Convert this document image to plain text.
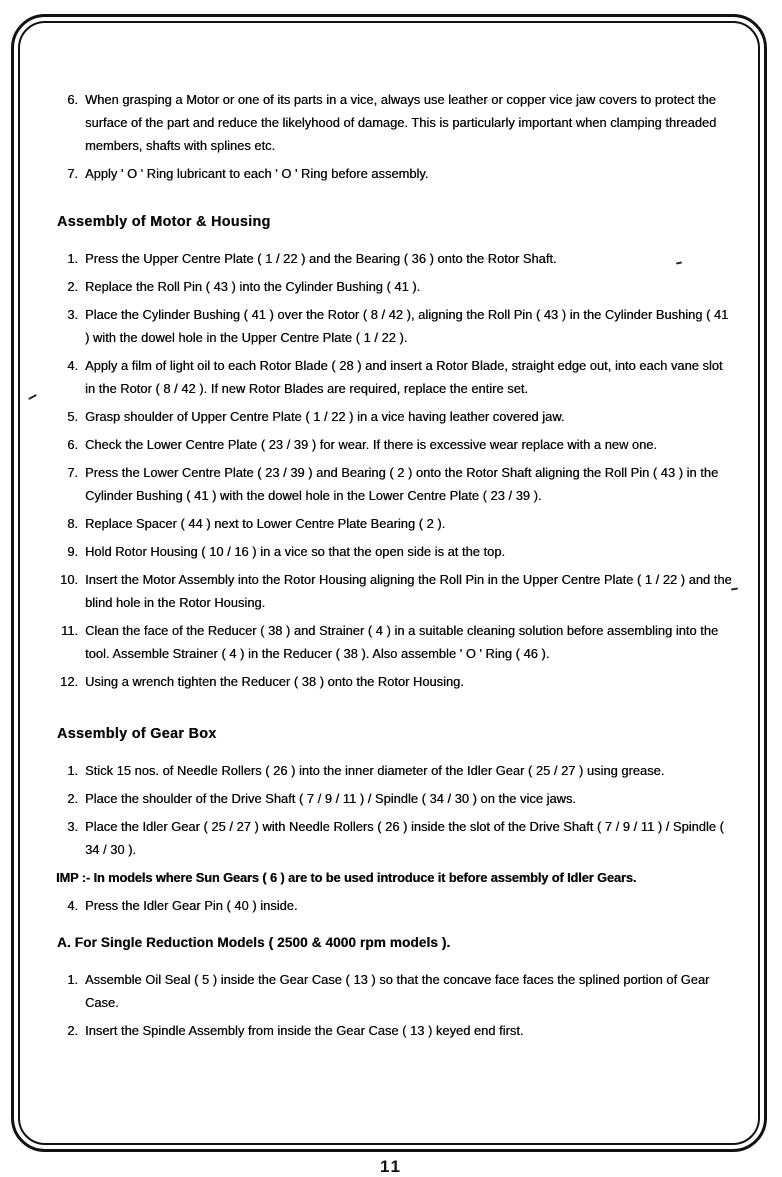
6. When grasping a Motor or one of its parts in a vice, always use leather or copper vice jaw covers to protect the surface of the part and reduce the likelyhood of damage. This is particularly important when clamping threaded members, shafts with splines etc.
7. Apply ' O ' Ring lubricant to each ' O ' Ring before assembly.
Assembly of Motor & Housing
1. Press the Upper Centre Plate ( 1 / 22 ) and the Bearing ( 36 ) onto the Rotor Shaft.
2. Replace the Roll Pin ( 43 ) into the Cylinder Bushing ( 41 ).
3. Place the Cylinder Bushing ( 41 ) over the Rotor ( 8 / 42 ), aligning the Roll Pin ( 43 ) in the Cylinder Bushing ( 41 ) with the dowel hole in the Upper Centre Plate ( 1 / 22 ).
4. Apply a film of light oil to each Rotor Blade ( 28 ) and insert a Rotor Blade, straight edge out, into each vane slot in the Rotor ( 8 / 42 ). If new Rotor Blades are required, replace the entire set.
5. Grasp shoulder of Upper Centre Plate ( 1 / 22 ) in a vice having leather covered jaw.
6. Check the Lower Centre Plate ( 23 / 39 ) for wear. If there is excessive wear replace with a new one.
7. Press the Lower Centre Plate ( 23 / 39 ) and Bearing ( 2 ) onto the Rotor Shaft aligning the Roll Pin ( 43 ) in the Cylinder Bushing ( 41 ) with the dowel hole in the Lower Centre Plate ( 23 / 39 ).
8. Replace Spacer ( 44 ) next to Lower Centre Plate Bearing ( 2 ).
9. Hold Rotor Housing ( 10 / 16 ) in a vice so that the open side is at the top.
10. Insert the Motor Assembly into the Rotor Housing aligning the Roll Pin in the Upper Centre Plate ( 1 / 22 ) and the blind hole in the Rotor Housing.
11. Clean the face of the Reducer ( 38 ) and Strainer ( 4 ) in a suitable cleaning solution before assembling into the tool. Assemble Strainer ( 4 ) in the Reducer ( 38 ). Also assemble ' O ' Ring ( 46 ).
12. Using a wrench tighten the Reducer ( 38 ) onto the Rotor Housing.
Assembly of Gear Box
1. Stick 15 nos. of Needle Rollers ( 26 ) into the inner diameter of the Idler Gear ( 25 / 27 ) using grease.
2. Place the shoulder of the Drive Shaft ( 7 / 9 / 11 ) / Spindle ( 34 / 30 ) on the vice jaws.
3. Place the Idler Gear ( 25 / 27 ) with Needle Rollers ( 26 ) inside the slot of the Drive Shaft ( 7 / 9 / 11 ) / Spindle ( 34 / 30 ).
IMP :- In models where Sun Gears ( 6 ) are to be used introduce it before assembly of Idler Gears.
4. Press the Idler Gear Pin ( 40 ) inside.
A. For Single Reduction Models ( 2500 & 4000 rpm models ).
1. Assemble Oil Seal ( 5 ) inside the Gear Case ( 13 ) so that the concave face faces the splined portion of Gear Case.
2. Insert the Spindle Assembly from inside the Gear Case ( 13 ) keyed end first.
11
